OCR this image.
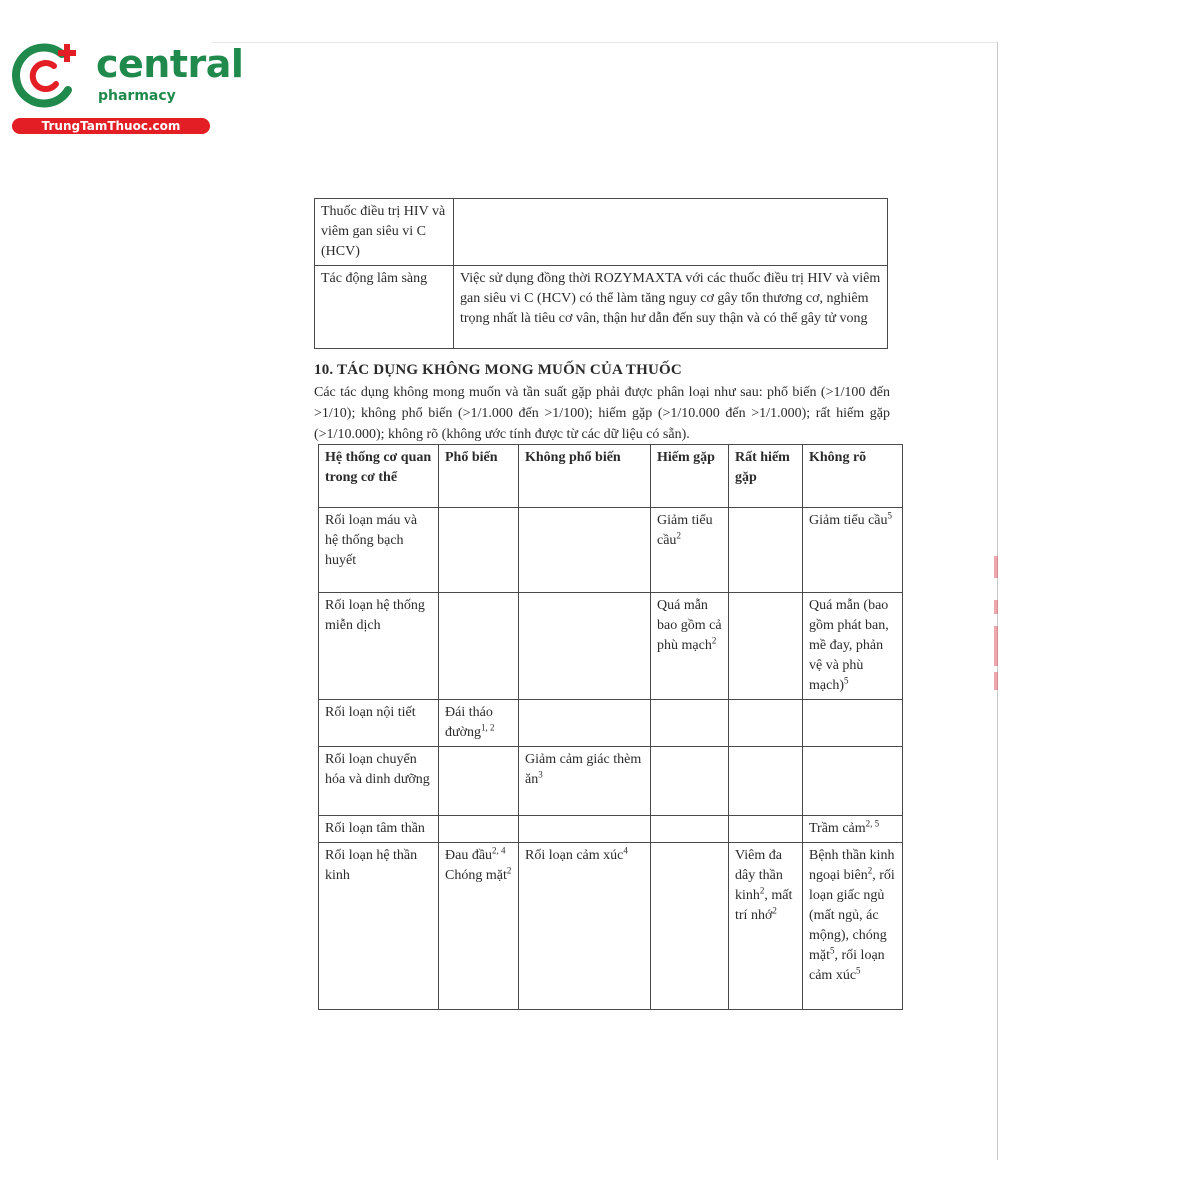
central
pharmacy
TrungTamThuoc.com
Thuốc điều trị HIV và viêm gan siêu vi C (HCV)	
Tác động lâm sàng	Việc sử dụng đồng thời ROZYMAXTA với các thuốc điều trị HIV và viêm gan siêu vi C (HCV) có thể làm tăng nguy cơ gây tổn thương cơ, nghiêm trọng nhất là tiêu cơ vân, thận hư dẫn đến suy thận và có thể gây tử vong
10. TÁC DỤNG KHÔNG MONG MUỐN CỦA THUỐC
Các tác dụng không mong muốn và tần suất gặp phải được phân loại như sau: phổ biến (>1/100 đến >1/10); không phổ biến (>1/1.000 đến >1/100); hiếm gặp (>1/10.000 đến >1/1.000); rất hiếm gặp (>1/10.000); không rõ (không ước tính được từ các dữ liệu có sẵn).
Hệ thống cơ quan trong cơ thể	Phổ biến	Không phổ biến	Hiếm gặp	Rất hiếm gặp	Không rõ
Rối loạn máu và hệ thống bạch huyết			Giảm tiểu cầu$^2$		Giảm tiểu cầu$^5$
Rối loạn hệ thống miễn dịch			Quá mẫn bao gồm cả phù mạch$^2$		Quá mẫn (bao gồm phát ban, mề đay, phản vệ và phù mạch)$^5$
Rối loạn nội tiết	Đái tháo đường$^{1, 2}$				
Rối loạn chuyển hóa và dinh dưỡng		Giảm cảm giác thèm $ăn^3$			
Rối loạn tâm thần					Trầm cảm$^{2, 5}$
Rối loạn hệ thần kinh	Đau đầu$^{2, 4}$ Chóng mặt$^2$	Rối loạn cảm xúc$^4$		Viêm đa dây thần kinh$^2$, mất trí nhớ$^2$	Bệnh thần kinh ngoại biên$^2$, rối loạn giấc ngủ (mất ngủ, ác mộng), chóng mặt$^5$, rối loạn cảm xúc$^5$
